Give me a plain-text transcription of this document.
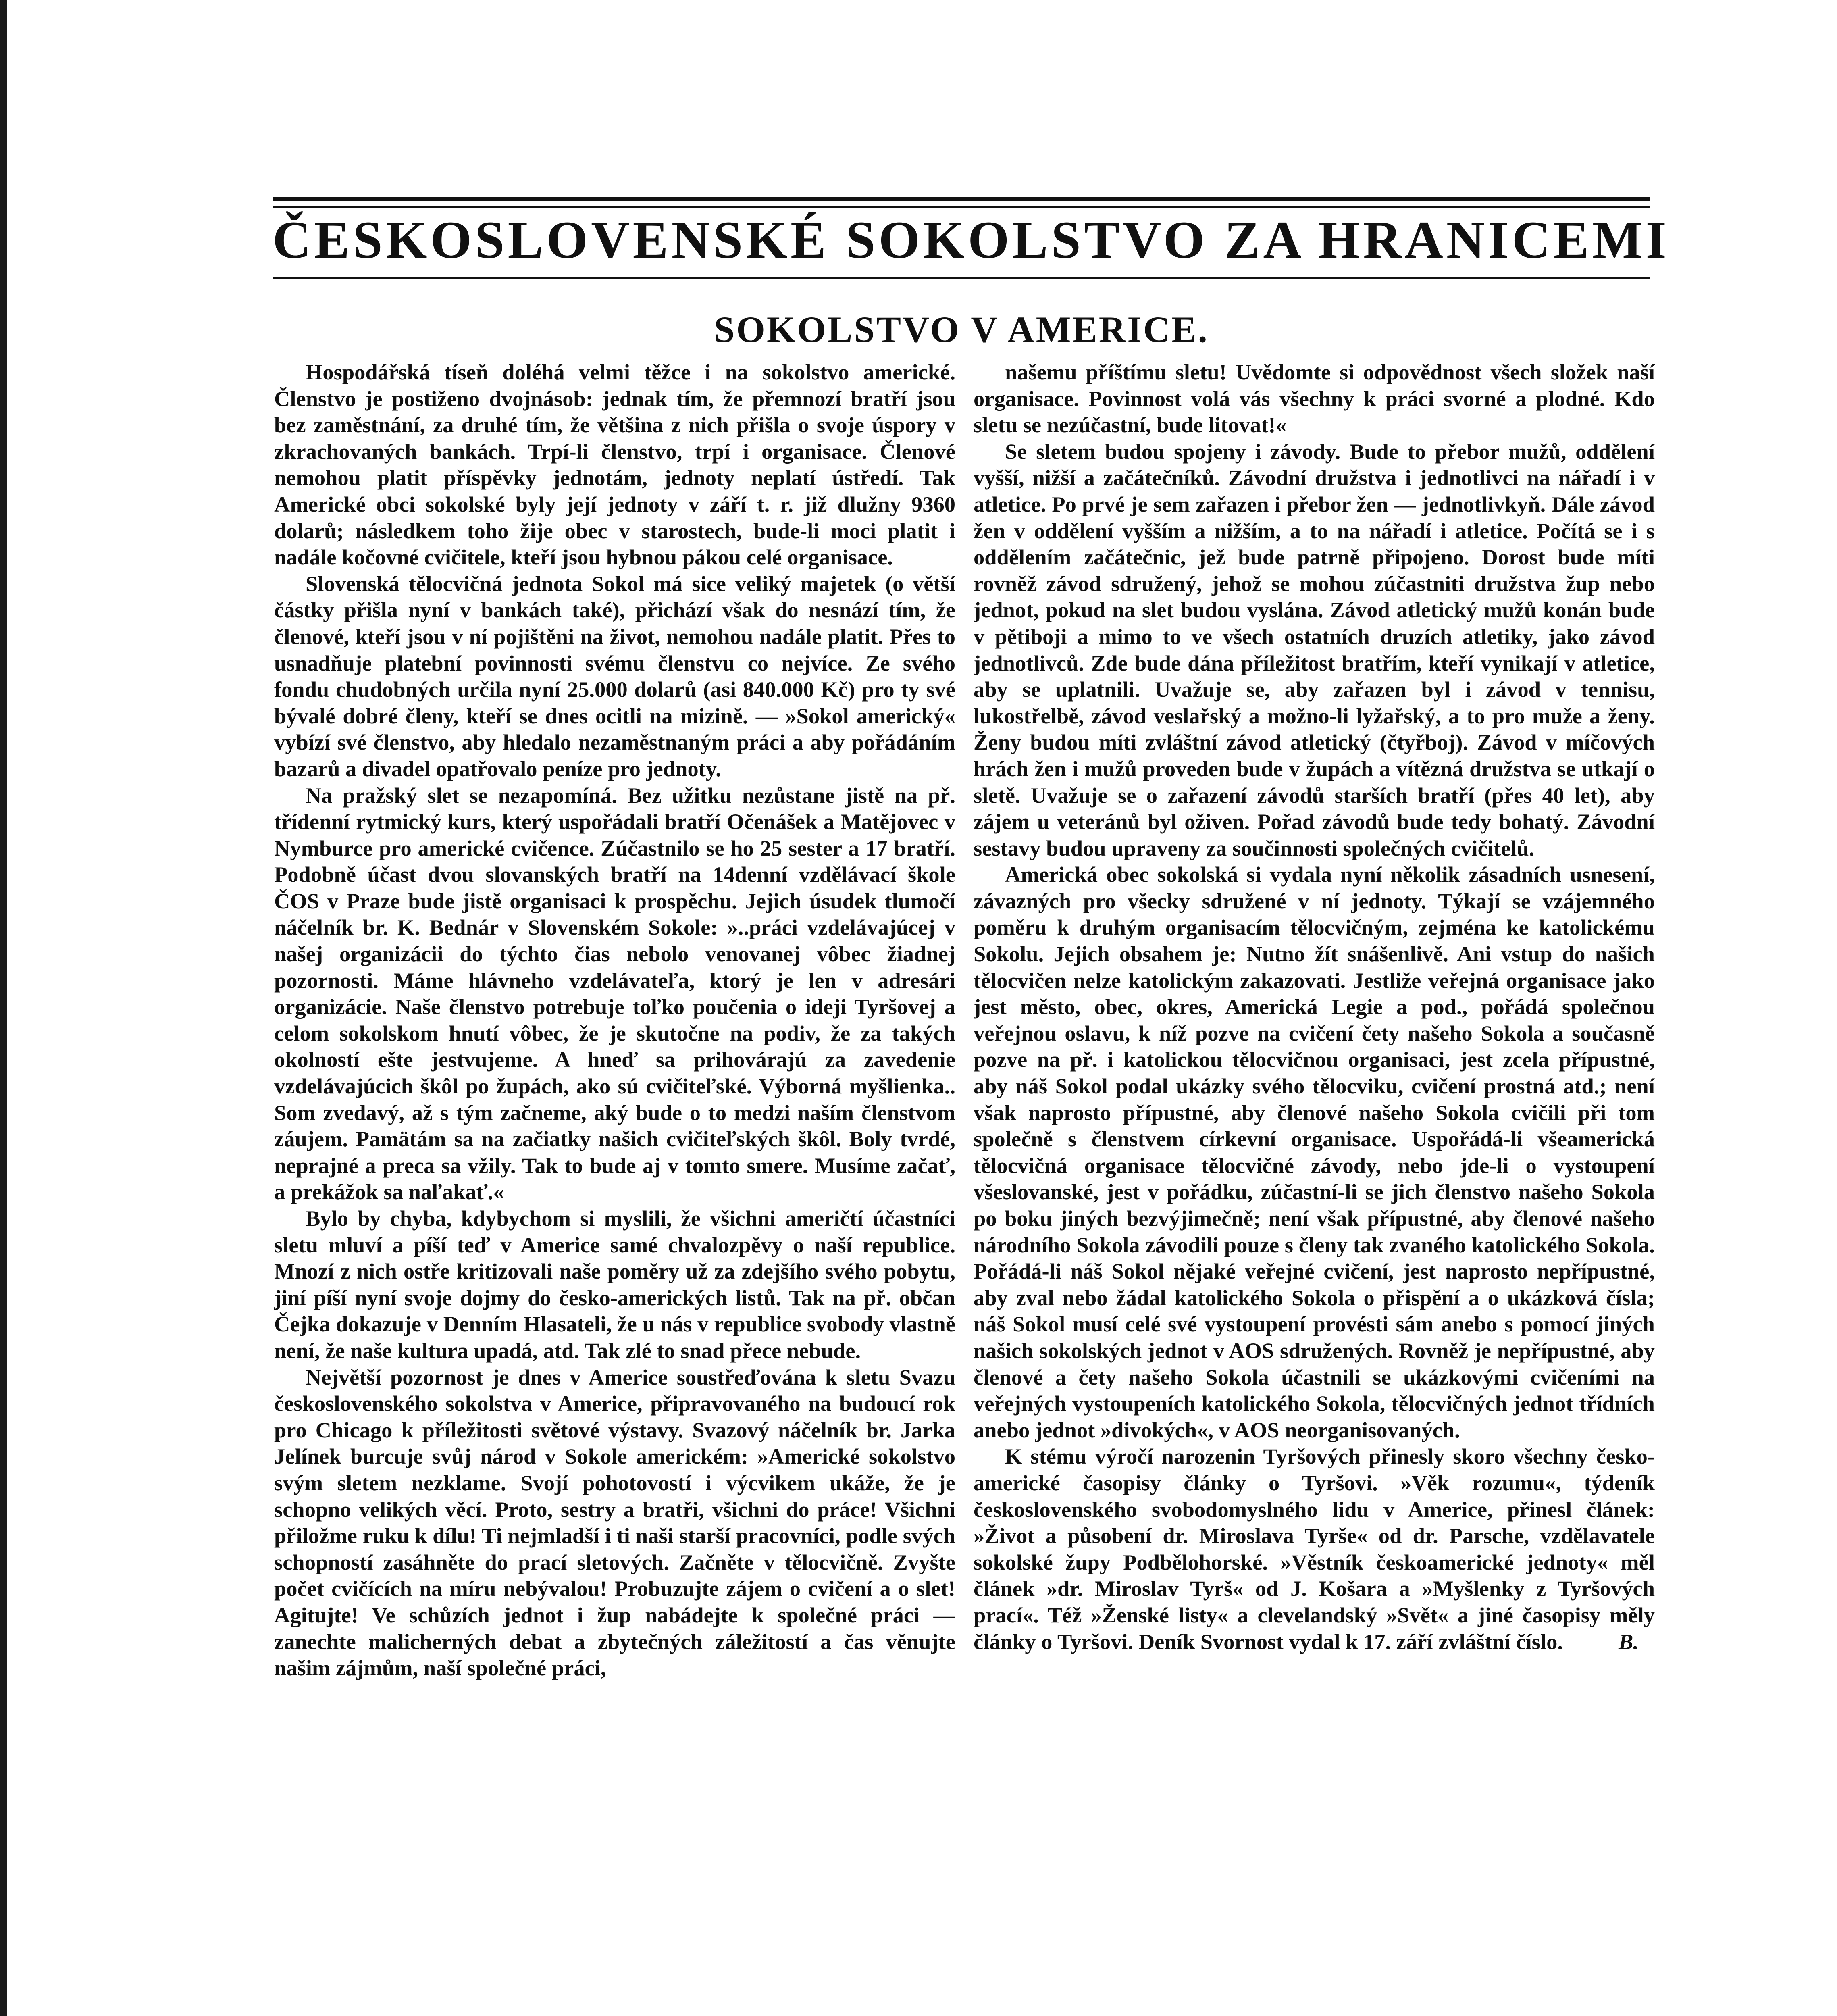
ČESKOSLOVENSKÉ SOKOLSTVO ZA HRANICEMI
SOKOLSTVO V AMERICE.

Hospodářská tíseň doléhá velmi těžce i na sokolstvo americké. Členstvo je postiženo dvojnásob: jednak tím, že přemnozí bratří jsou bez zaměstnání, za druhé tím, že většina z nich přišla o svoje úspory v zkrachovaných bankách. Trpí-li členstvo, trpí i organisace. Členové nemohou platit příspěvky jednotám, jednoty neplatí ústředí. Tak Americké obci sokolské byly její jednoty v září t. r. již dlužny 9360 dolarů; následkem toho žije obec v starostech, bude-li moci platit i nadále kočovné cvičitele, kteří jsou hybnou pákou celé organisace.

Slovenská tělocvičná jednota Sokol má sice veliký majetek (o větší částky přišla nyní v bankách také), přichází však do nesnází tím, že členové, kteří jsou v ní pojištěni na život, nemohou nadále platit. Přes to usnadňuje platební povinnosti svému členstvu co nejvíce. Ze svého fondu chudobných určila nyní 25.000 dolarů (asi 840.000 Kč) pro ty své bývalé dobré členy, kteří se dnes ocitli na mizině. — »Sokol americký« vybízí své členstvo, aby hledalo nezaměstnaným práci a aby pořádáním bazarů a divadel opatřovalo peníze pro jednoty.

Na pražský slet se nezapomíná. Bez užitku nezůstane jistě na př. třídenní rytmický kurs, který uspořádali bratří Očenášek a Matějovec v Nymburce pro americké cvičence. Zúčastnilo se ho 25 sester a 17 bratří. Podobně účast dvou slovanských bratří na 14denní vzdělávací škole ČOS v Praze bude jistě organisaci k prospěchu. Jejich úsudek tlumočí náčelník br. K. Bednár v Slovenském Sokole: »..práci vzdelávajúcej v našej organizácii do týchto čias nebolo venovanej vôbec žiadnej pozornosti. Máme hlávneho vzdelávateľa, ktorý je len v adresári organizácie. Naše členstvo potrebuje toľko poučenia o ideji Tyršovej a celom sokolskom hnutí vôbec, že je skutočne na podiv, že za takých okolností ešte jestvujeme. A hneď sa prihovárajú za zavedenie vzdelávajúcich škôl po župách, ako sú cvičiteľské. Výborná myšlienka.. Som zvedavý, až s tým začneme, aký bude o to medzi naším členstvom záujem. Pamätám sa na začiatky našich cvičiteľských škôl. Boly tvrdé, neprajné a preca sa vžily. Tak to bude aj v tomto smere. Musíme začať, a prekážok sa naľakať.«

Bylo by chyba, kdybychom si myslili, že všichni američtí účastníci sletu mluví a píší teď v Americe samé chvalozpěvy o naší republice. Mnozí z nich ostře kritizovali naše poměry už za zdejšího svého pobytu, jiní píší nyní svoje dojmy do česko-amerických listů. Tak na př. občan Čejka dokazuje v Denním Hlasateli, že u nás v republice svobody vlastně není, že naše kultura upadá, atd. Tak zlé to snad přece nebude.

Největší pozornost je dnes v Americe soustřeďována k sletu Svazu československého sokolstva v Americe, připravovaného na budoucí rok pro Chicago k příležitosti světové výstavy. Svazový náčelník br. Jarka Jelínek burcuje svůj národ v Sokole americkém: »Americké sokolstvo svým sletem nezklame. Svojí pohotovostí i výcvikem ukáže, že je schopno velikých věcí. Proto, sestry a bratři, všichni do práce! Všichni přiložme ruku k dílu! Ti nejmladší i ti naši starší pracovníci, podle svých schopností zasáhněte do prací sletových. Začněte v tělocvičně. Zvyšte počet cvičících na míru nebývalou! Probuzujte zájem o cvičení a o slet! Agitujte! Ve schůzích jednot i žup nabádejte k společné práci — zanechte malicherných debat a zbytečných záležitostí a čas věnujte našim zájmům, naší společné práci,

našemu příštímu sletu! Uvědomte si odpovědnost všech složek naší organisace. Povinnost volá vás všechny k práci svorné a plodné. Kdo sletu se nezúčastní, bude litovat!«

Se sletem budou spojeny i závody. Bude to přebor mužů, oddělení vyšší, nižší a začátečníků. Závodní družstva i jednotlivci na nářadí i v atletice. Po prvé je sem zařazen i přebor žen — jednotlivkyň. Dále závod žen v oddělení vyšším a nižším, a to na nářadí i atletice. Počítá se i s oddělením začátečnic, jež bude patrně připojeno. Dorost bude míti rovněž závod sdružený, jehož se mohou zúčastniti družstva žup nebo jednot, pokud na slet budou vyslána. Závod atletický mužů konán bude v pětiboji a mimo to ve všech ostatních druzích atletiky, jako závod jednotlivců. Zde bude dána příležitost bratřím, kteří vynikají v atletice, aby se uplatnili. Uvažuje se, aby zařazen byl i závod v tennisu, lukostřelbě, závod veslařský a možno-li lyžařský, a to pro muže a ženy. Ženy budou míti zvláštní závod atletický (čtyřboj). Závod v míčových hrách žen i mužů proveden bude v župách a vítězná družstva se utkají o sletě. Uvažuje se o zařazení závodů starších bratří (přes 40 let), aby zájem u veteránů byl oživen. Pořad závodů bude tedy bohatý. Závodní sestavy budou upraveny za součinnosti společných cvičitelů.

Americká obec sokolská si vydala nyní několik zásadních usnesení, závazných pro všecky sdružené v ní jednoty. Týkají se vzájemného poměru k druhým organisacím tělocvičným, zejména ke katolickému Sokolu. Jejich obsahem je: Nutno žít snášenlivě. Ani vstup do našich tělocvičen nelze katolickým zakazovati. Jestliže veřejná organisace jako jest město, obec, okres, Americká Legie a pod., pořádá společnou veřejnou oslavu, k níž pozve na cvičení čety našeho Sokola a současně pozve na př. i katolickou tělocvičnou organisaci, jest zcela přípustné, aby náš Sokol podal ukázky svého tělocviku, cvičení prostná atd.; není však naprosto přípustné, aby členové našeho Sokola cvičili při tom společně s členstvem církevní organisace. Uspořádá-li všeamerická tělocvičná organisace tělocvičné závody, nebo jde-li o vystoupení všeslovanské, jest v pořádku, zúčastní-li se jich členstvo našeho Sokola po boku jiných bezvýjimečně; není však přípustné, aby členové našeho národního Sokola závodili pouze s členy tak zvaného katolického Sokola. Pořádá-li náš Sokol nějaké veřejné cvičení, jest naprosto nepřípustné, aby zval nebo žádal katolického Sokola o přispění a o ukázková čísla; náš Sokol musí celé své vystoupení provésti sám anebo s pomocí jiných našich sokolských jednot v AOS sdružených. Rovněž je nepřípustné, aby členové a čety našeho Sokola účastnili se ukázkovými cvičeními na veřejných vystoupeních katolického Sokola, tělocvičných jednot třídních anebo jednot »divokých«, v AOS neorganisovaných.

K stému výročí narozenin Tyršových přinesly skoro všechny česko-americké časopisy články o Tyršovi. »Věk rozumu«, týdeník československého svobodomyslného lidu v Americe, přinesl článek: »Život a působení dr. Miroslava Tyrše« od dr. Parsche, vzdělavatele sokolské župy Podbělohorské. »Věstník českoamerické jednoty« měl článek »dr. Miroslav Tyrš« od J. Košara a »Myšlenky z Tyršových prací«. Též »Ženské listy« a clevelandský »Svět« a jiné časopisy měly články o Tyršovi. Deník Svornost vydal k 17. září zvláštní číslo.	B.
